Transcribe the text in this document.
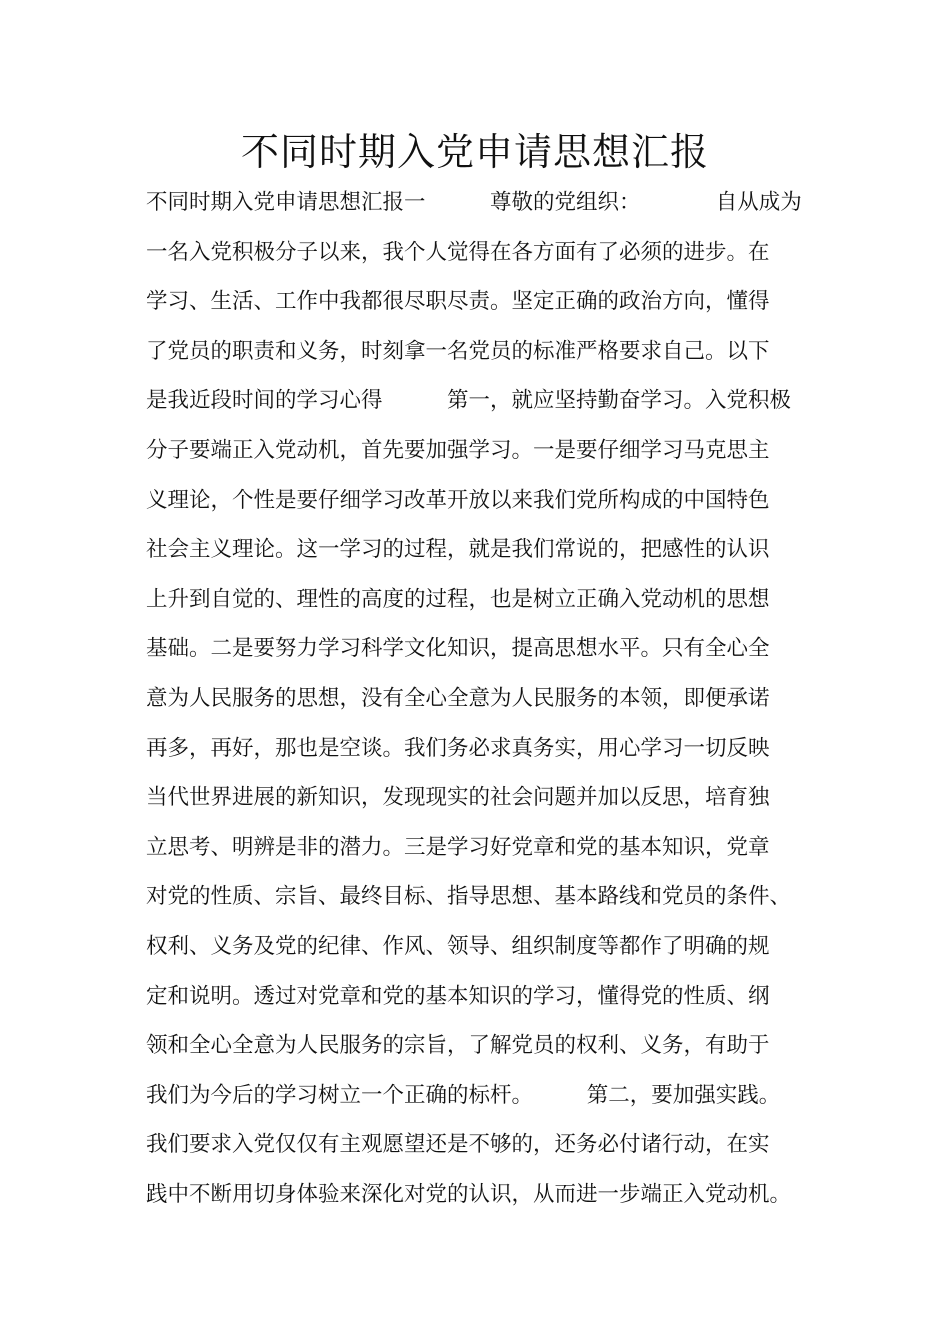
不同时期入党申请思想汇报
不同时期入党申请思想汇报一　　　尊敬的党组织：　　　　自从成为
一名入党积极分子以来，我个人觉得在各方面有了必须的进步。在
学习、生活、工作中我都很尽职尽责。坚定正确的政治方向，懂得
了党员的职责和义务，时刻拿一名党员的标准严格要求自己。以下
是我近段时间的学习心得　　　第一，就应坚持勤奋学习。入党积极
分子要端正入党动机，首先要加强学习。一是要仔细学习马克思主
义理论，个性是要仔细学习改革开放以来我们党所构成的中国特色
社会主义理论。这一学习的过程，就是我们常说的，把感性的认识
上升到自觉的、理性的高度的过程，也是树立正确入党动机的思想
基础。二是要努力学习科学文化知识，提高思想水平。只有全心全
意为人民服务的思想，没有全心全意为人民服务的本领，即便承诺
再多，再好，那也是空谈。我们务必求真务实，用心学习一切反映
当代世界进展的新知识，发现现实的社会问题并加以反思，培育独
立思考、明辨是非的潜力。三是学习好党章和党的基本知识，党章
对党的性质、宗旨、最终目标、指导思想、基本路线和党员的条件、
权利、义务及党的纪律、作风、领导、组织制度等都作了明确的规
定和说明。透过对党章和党的基本知识的学习，懂得党的性质、纲
领和全心全意为人民服务的宗旨，了解党员的权利、义务，有助于
我们为今后的学习树立一个正确的标杆。　　　第二，要加强实践。
我们要求入党仅仅有主观愿望还是不够的，还务必付诸行动，在实
践中不断用切身体验来深化对党的认识，从而进一步端正入党动机。
